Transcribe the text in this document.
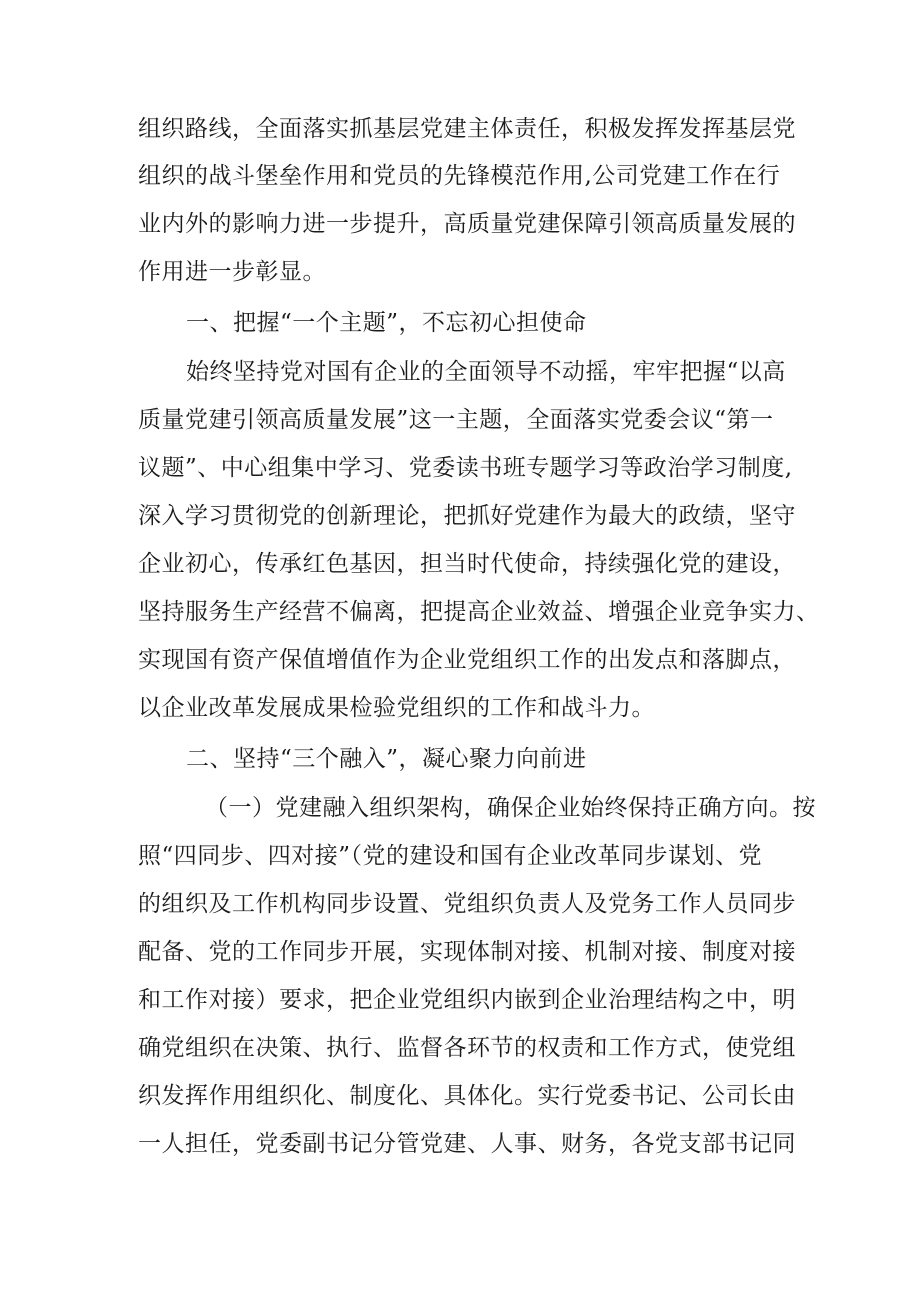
组织路线，全面落实抓基层党建主体责任，积极发挥发挥基层党
组织的战斗堡垒作用和党员的先锋模范作用,公司党建工作在行
业内外的影响力进一步提升，高质量党建保障引领高质量发展的
作用进一步彰显。
一、把握“一个主题”，不忘初心担使命
始终坚持党对国有企业的全面领导不动摇，牢牢把握“以高
质量党建引领高质量发展”这一主题，全面落实党委会议“第一
议题”、中心组集中学习、党委读书班专题学习等政治学习制度,
深入学习贯彻党的创新理论，把抓好党建作为最大的政绩，坚守
企业初心，传承红色基因，担当时代使命，持续强化党的建设，
坚持服务生产经营不偏离，把提高企业效益、增强企业竞争实力、
实现国有资产保值增值作为企业党组织工作的出发点和落脚点，
以企业改革发展成果检验党组织的工作和战斗力。
二、坚持“三个融入”，凝心聚力向前进
（一）党建融入组织架构，确保企业始终保持正确方向。按
照“四同步、四对接”（党的建设和国有企业改革同步谋划、党
的组织及工作机构同步设置、党组织负责人及党务工作人员同步
配备、党的工作同步开展，实现体制对接、机制对接、制度对接
和工作对接）要求，把企业党组织内嵌到企业治理结构之中，明
确党组织在决策、执行、监督各环节的权责和工作方式，使党组
织发挥作用组织化、制度化、具体化。实行党委书记、公司长由
一人担任，党委副书记分管党建、人事、财务，各党支部书记同
